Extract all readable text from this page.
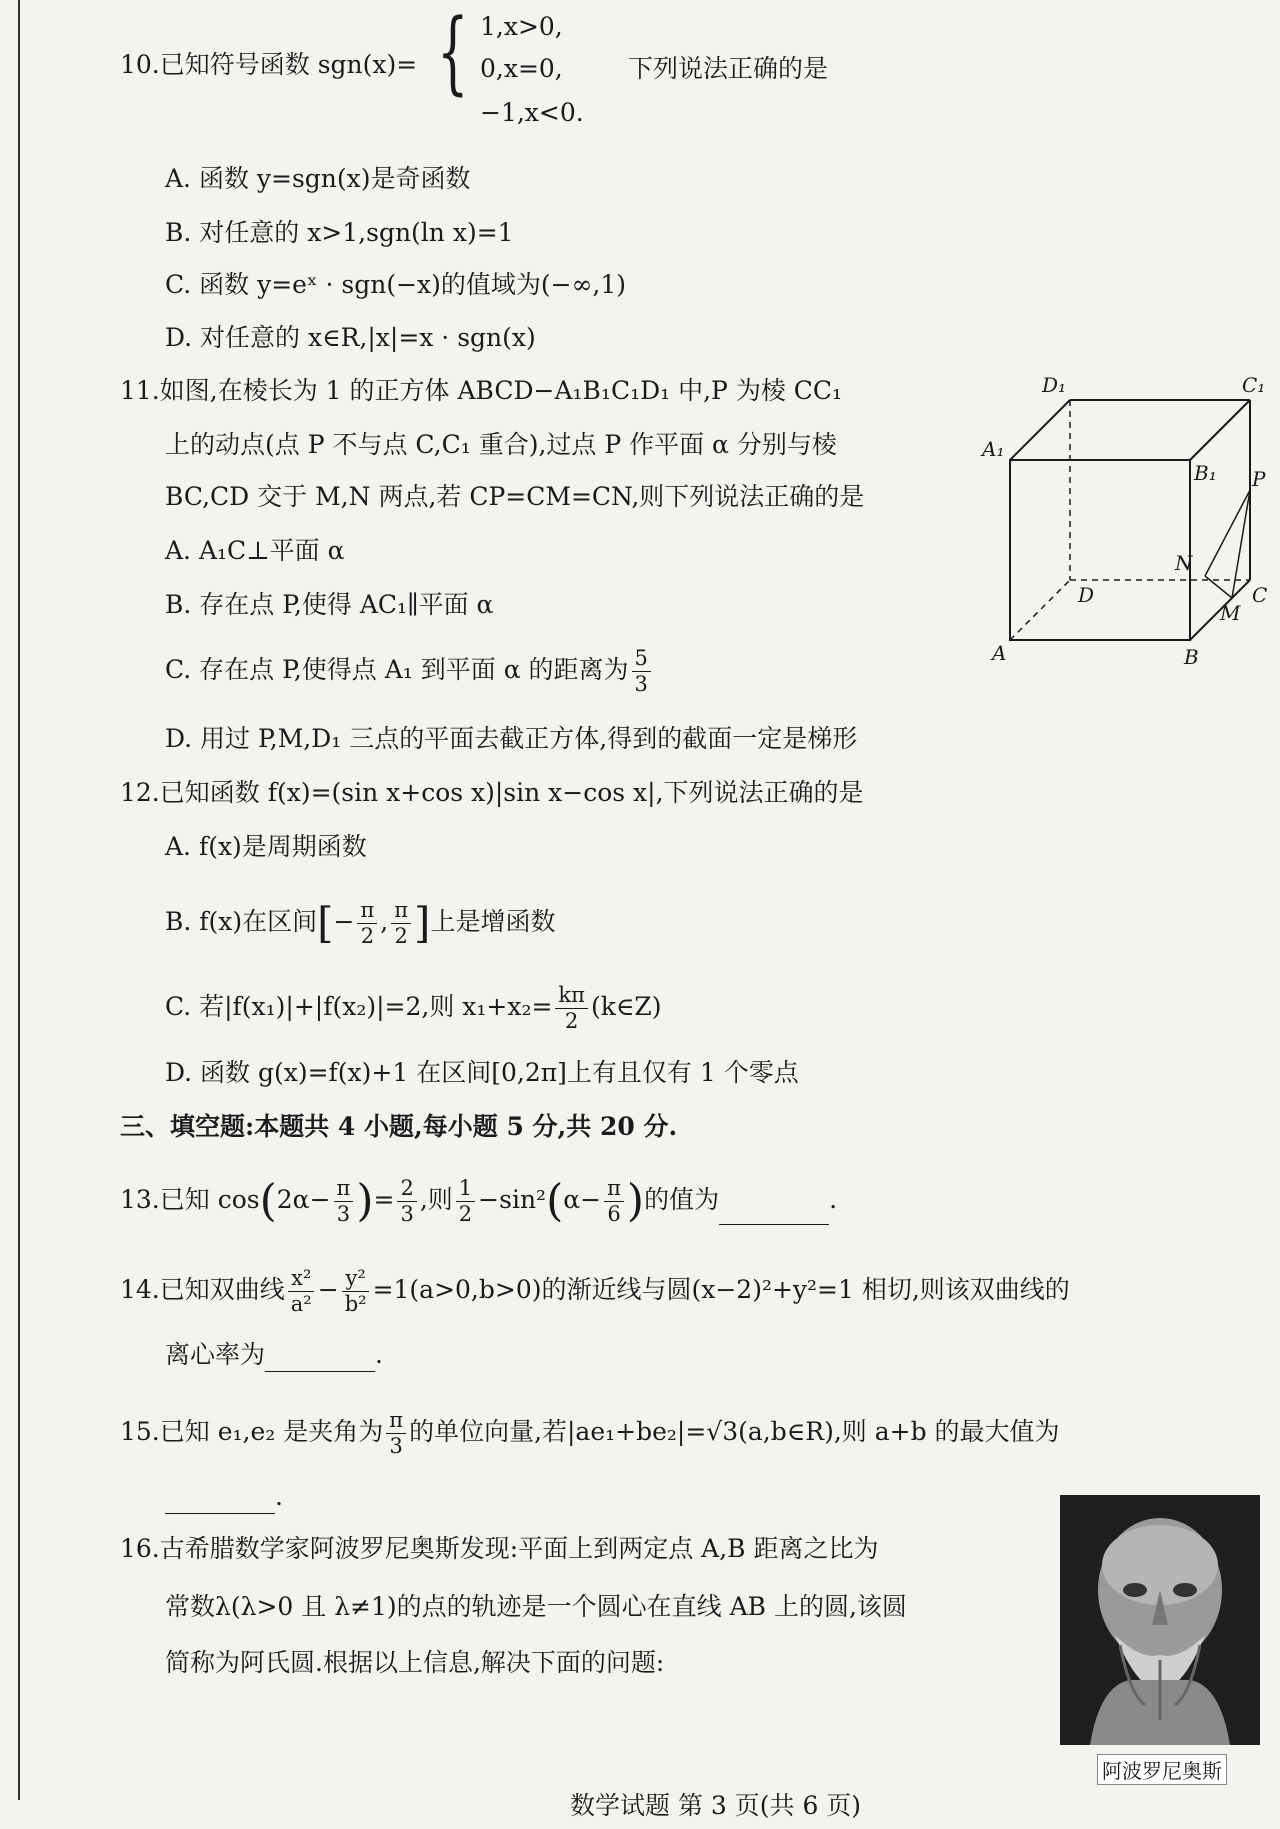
10.已知符号函数 sgn(x)= { 1,x>0,
0,x=0,
−1,x<0.
下列说法正确的是
A. 函数 y=sgn(x)是奇函数
B. 对任意的 x>1,sgn(ln x)=1
C. 函数 y=eˣ · sgn(−x)的值域为(−∞,1)
D. 对任意的 x∈R,|x|=x · sgn(x)
11.如图,在棱长为 1 的正方体 ABCD−A₁B₁C₁D₁ 中,P 为棱 CC₁
上的动点(点 P 不与点 C,C₁ 重合),过点 P 作平面 α 分别与棱
BC,CD 交于 M,N 两点,若 CP=CM=CN,则下列说法正确的是
A. A₁C⊥平面 α
B. 存在点 P,使得 AC₁∥平面 α
C. 存在点 P,使得点 A₁ 到平面 α 的距离为 $\frac{5}{3}$
D. 用过 P,M,D₁ 三点的平面去截正方体,得到的截面一定是梯形
D₁	C₁
A₁
B₁ P
N
D	C
M
A	B
12.已知函数 f(x)=(sin x+cos x)|sin x−cos x|,下列说法正确的是
A. f(x)是周期函数
B. f(x)在区间[− $\frac{\pi}{2}$ , $\frac{\pi}{2}$ ]上是增函数
C. 若|f(x₁)|+|f(x₂)|=2,则 $x_1+x_2= \frac{k\pi}{2}$ (k∈Z)
D. 函数 g(x)=f(x)+1 在区间[0,2π]上有且仅有 1 个零点
三、填空题:本题共 4 小题,每小题 5 分,共 20 分.
13.已知 $\cos(2\alpha- \frac{\pi}{3}$ )= $\frac{2}{3}$ ,则 $\frac{1}{2} -\sin^2(\alpha- \frac{\pi}{6}$ )的值为	.
14.已知双曲线 $\frac{\text{x²}}{\text{a²}} - \frac{\text{y²}}{\text{b²}} =1(a>0,b>0)$的渐近线与圆(x−2)²+y²=1 相切,则该双曲线的
离心率为	.
15.已知 e₁,e₂ 是夹角为 $\frac{\pi}{3}$ 的单位向量,若|ae₁+be₂|=√3(a,b∈R),则 a+b 的最大值为
.
16.古希腊数学家阿波罗尼奥斯发现:平面上到两定点 A,B 距离之比为
常数λ(λ>0 且 λ≠1)的点的轨迹是一个圆心在直线 AB 上的圆,该圆
简称为阿氏圆.根据以上信息,解决下面的问题:
阿波罗尼奥斯
数学试题 第 3 页(共 6 页)
